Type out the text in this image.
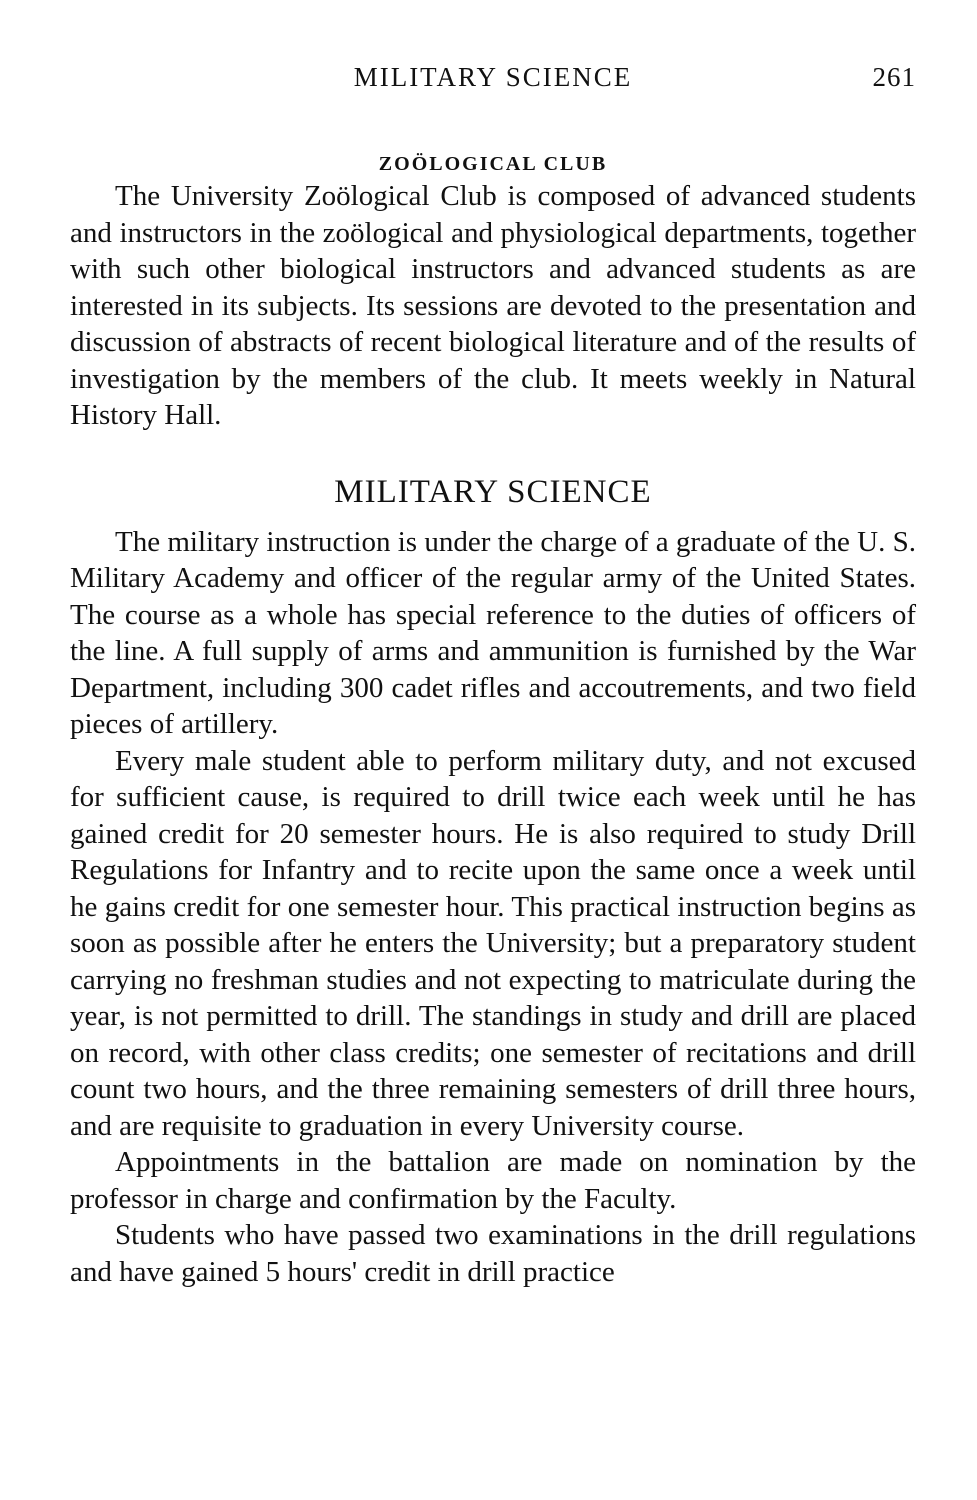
MILITARY SCIENCE	261
ZOÖLOGICAL CLUB

The University Zoölogical Club is composed of advanced students and instructors in the zoölogical and physiological departments, together with such other biological instructors and advanced students as are interested in its subjects. Its sessions are devoted to the presentation and discussion of abstracts of recent biological literature and of the results of investigation by the members of the club. It meets weekly in Natural History Hall.

MILITARY SCIENCE

The military instruction is under the charge of a graduate of the U. S. Military Academy and officer of the regular army of the United States. The course as a whole has special reference to the duties of officers of the line. A full supply of arms and ammunition is furnished by the War Department, including 300 cadet rifles and accoutrements, and two field pieces of artillery.

Every male student able to perform military duty, and not excused for sufficient cause, is required to drill twice each week until he has gained credit for 20 semester hours. He is also required to study Drill Regulations for Infantry and to recite upon the same once a week until he gains credit for one semester hour. This practical instruction begins as soon as possible after he enters the University; but a preparatory student carrying no freshman studies and not expecting to matriculate during the year, is not permitted to drill. The standings in study and drill are placed on record, with other class credits; one semester of recitations and drill count two hours, and the three remaining semesters of drill three hours, and are requisite to graduation in every University course.

Appointments in the battalion are made on nomination by the professor in charge and confirmation by the Faculty.

Students who have passed two examinations in the drill regulations and have gained 5 hours' credit in drill practice
